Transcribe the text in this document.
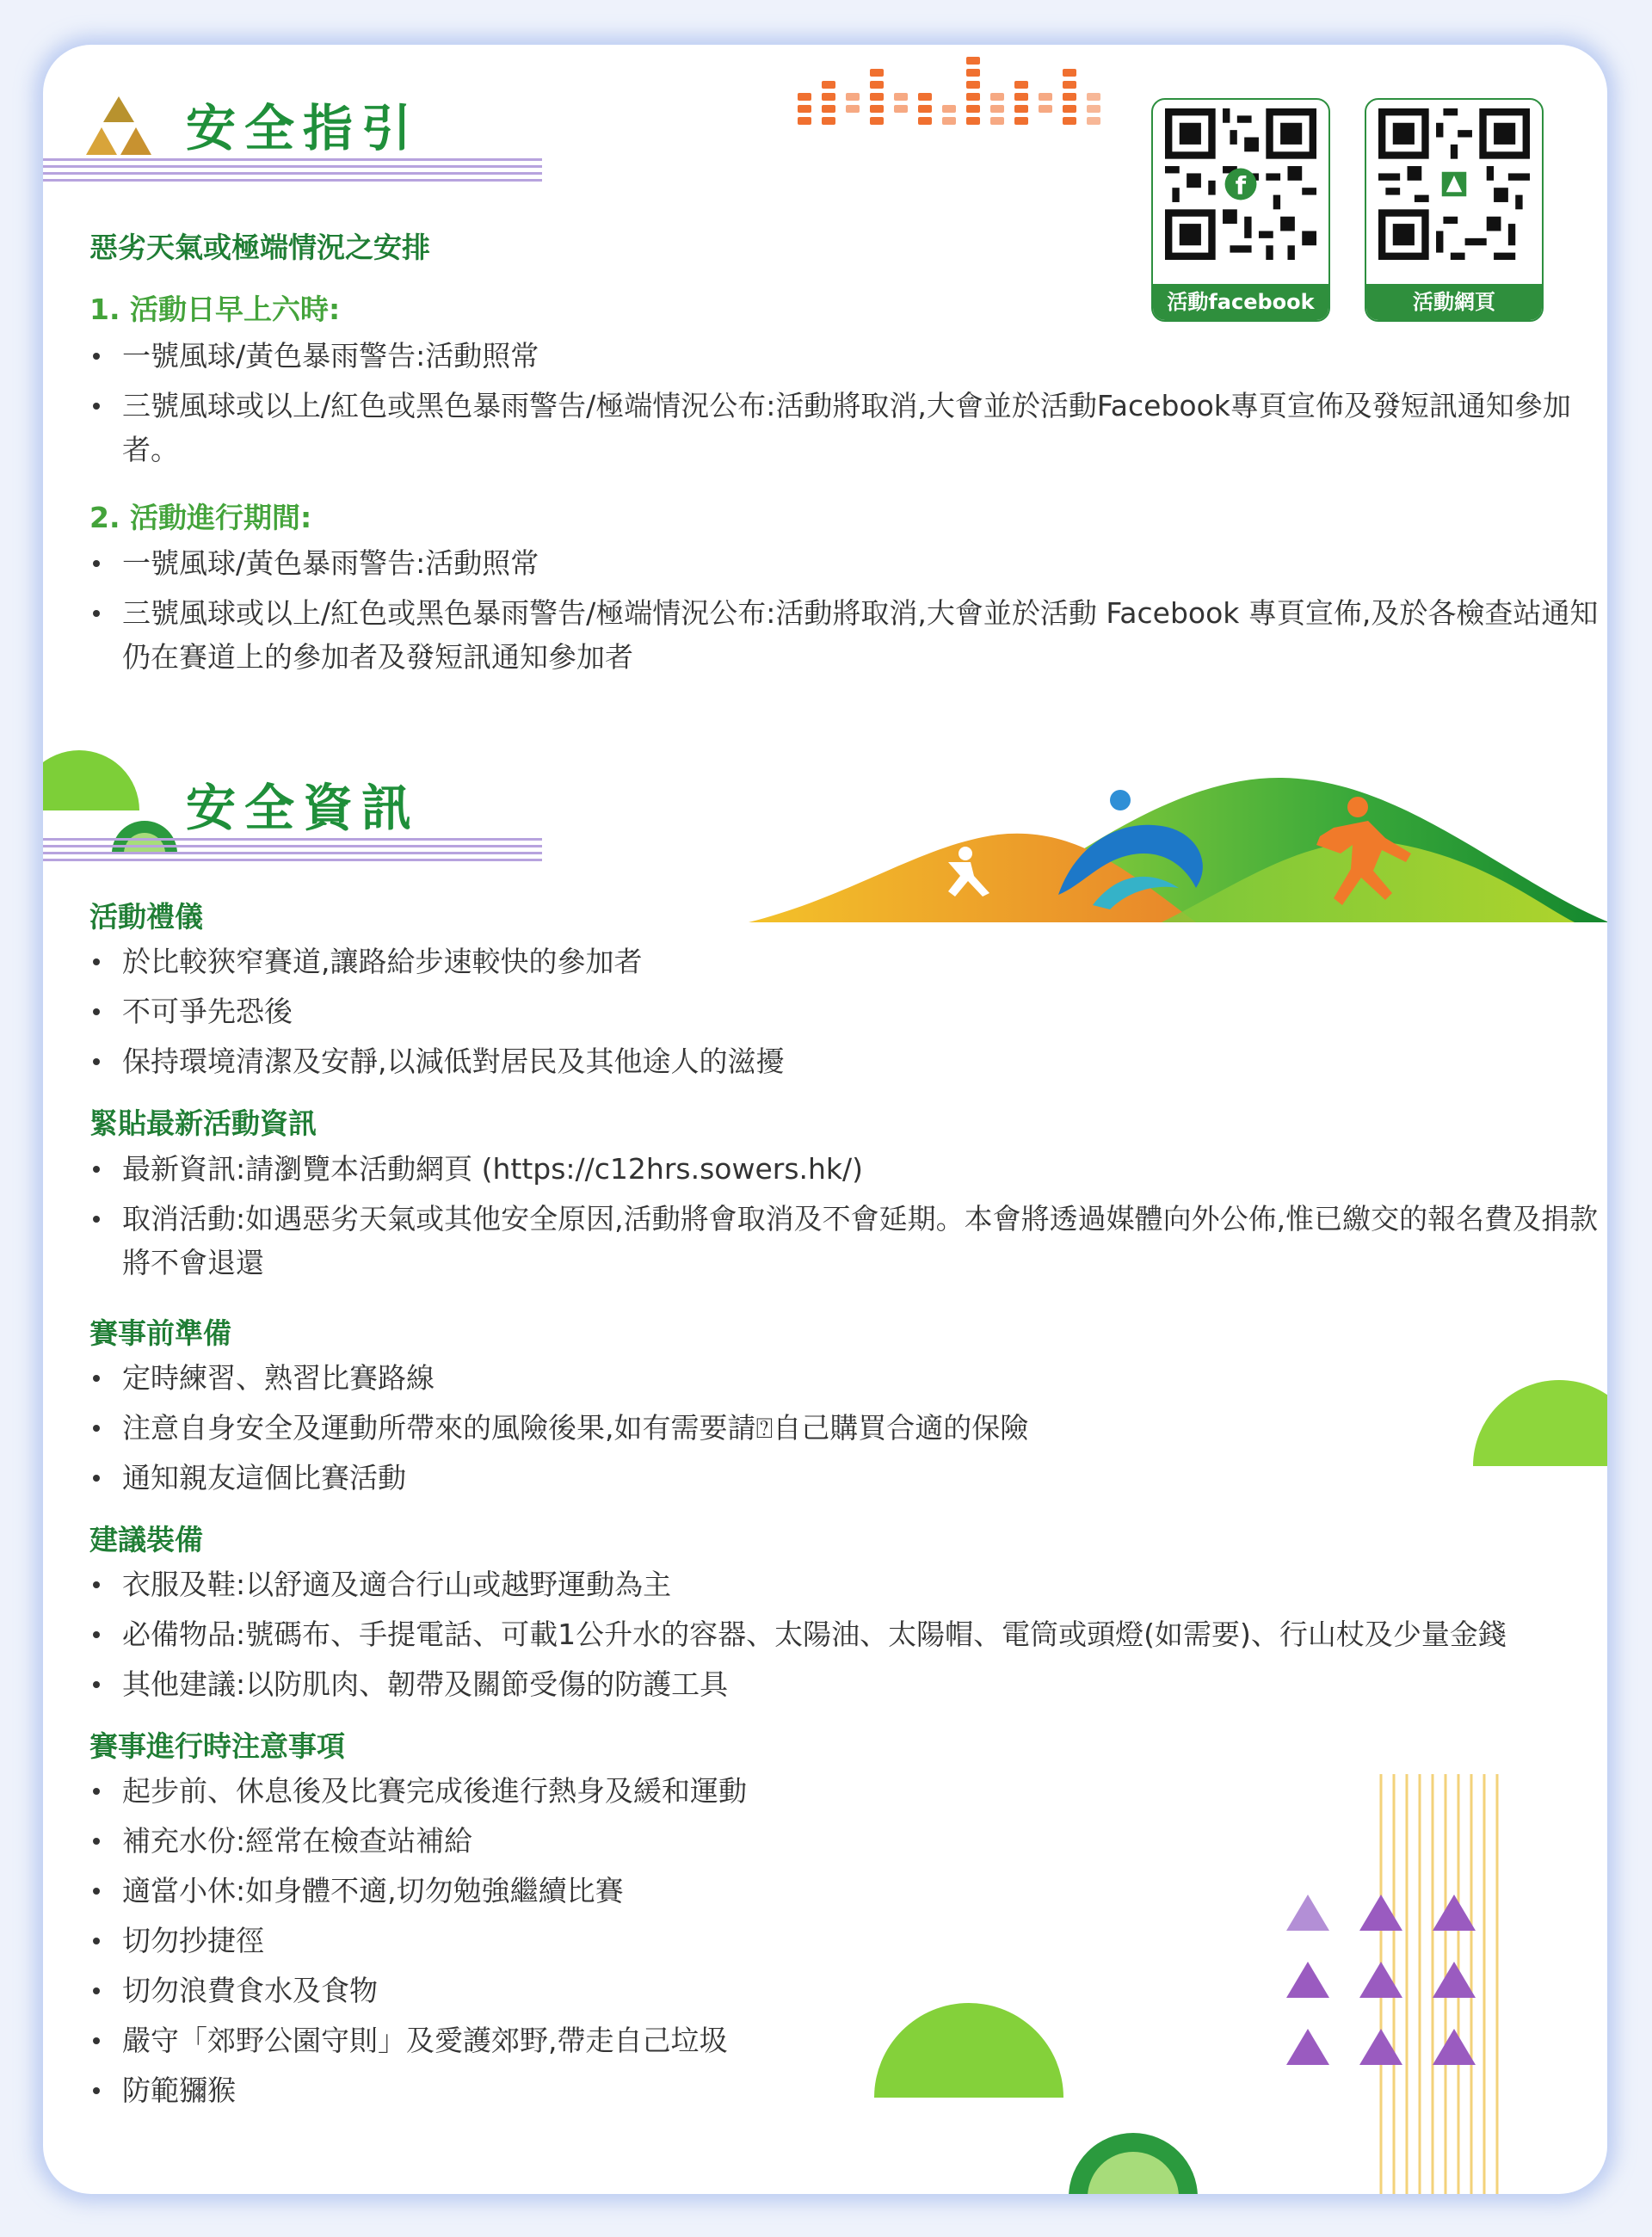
安全指引
f
活動facebook	活動網頁
惡劣天氣或極端情況之安排
1. 活動日早上六時:
一號風球/黃色暴雨警告:活動照常
三號風球或以上/紅色或黑色暴雨警告/極端情況公布:活動將取消,大會並於活動Facebook專頁宣佈及發短訊通知參加者。
2. 活動進行期間:
一號風球/黃色暴雨警告:活動照常
三號風球或以上/紅色或黑色暴雨警告/極端情況公布:活動將取消,大會並於活動 Facebook 專頁宣佈,及於各檢查站通知仍在賽道上的參加者及發短訊通知參加者
安全資訊
活動禮儀
於比較狹窄賽道,讓路給步速較快的參加者
不可爭先恐後
保持環境清潔及安靜,以減低對居民及其他途人的滋擾
緊貼最新活動資訊
最新資訊:請瀏覽本活動網頁 (https://c12hrs.sowers.hk/)
取消活動:如遇惡劣天氣或其他安全原因,活動將會取消及不會延期。本會將透過媒體向外公佈,惟已繳交的報名費及捐款將不會退還
賽事前準備
定時練習、熟習比賽路線
注意自身安全及運動所帶來的風險後果,如有需要請⍰自己購買合適的保險
通知親友這個比賽活動
建議裝備
衣服及鞋:以舒適及適合行山或越野運動為主
必備物品:號碼布、手提電話、可載1公升水的容器、太陽油、太陽帽、電筒或頭燈(如需要)、行山杖及少量金錢
其他建議:以防肌肉、韌帶及關節受傷的防護工具
賽事進行時注意事項
起步前、休息後及比賽完成後進行熱身及緩和運動
補充水份:經常在檢查站補給
適當小休:如身體不適,切勿勉強繼續比賽
切勿抄捷徑
切勿浪費食水及食物
嚴守「郊野公園守則」及愛護郊野,帶走自己垃圾
防範獼猴
